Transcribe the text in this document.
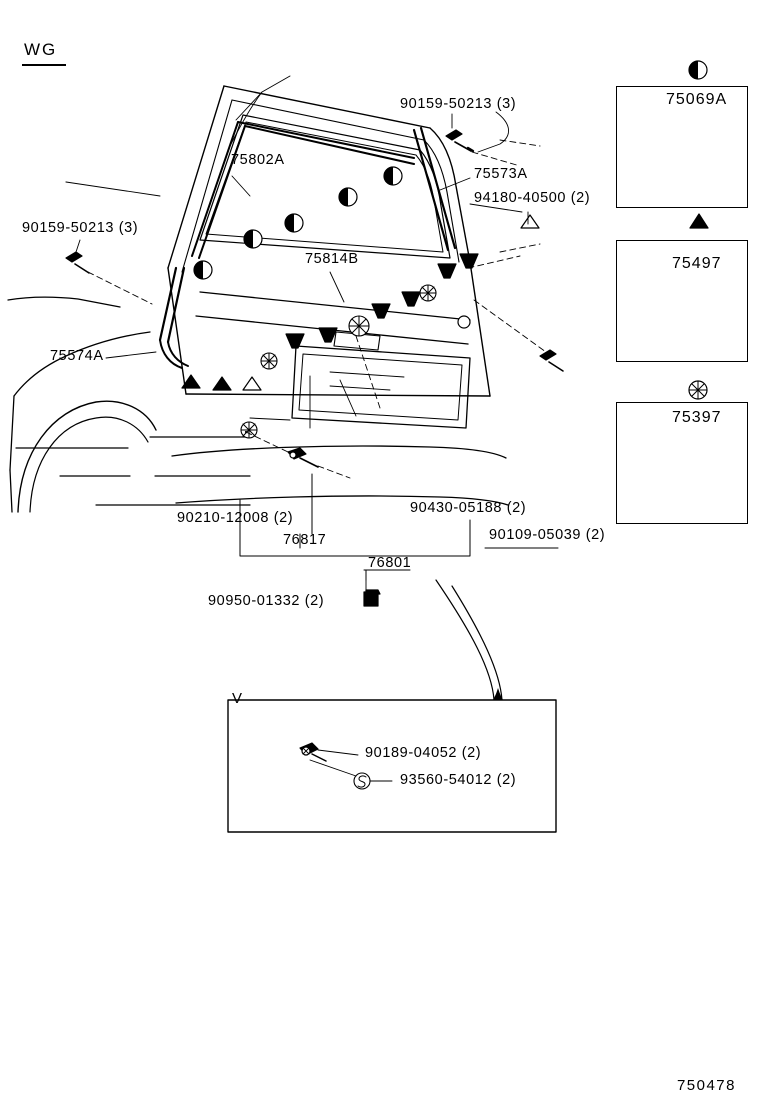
WG
75069A
75497
75397
V
90159-50213 (3)
75802A
75573A
94180-40500 (2)
90159-50213 (3)
75814B
75574A
90210-12008 (2)
76817
90430-05188 (2)
90109-05039 (2)
76801
90950-01332 (2)
90189-04052 (2)
93560-54012 (2)
750478
